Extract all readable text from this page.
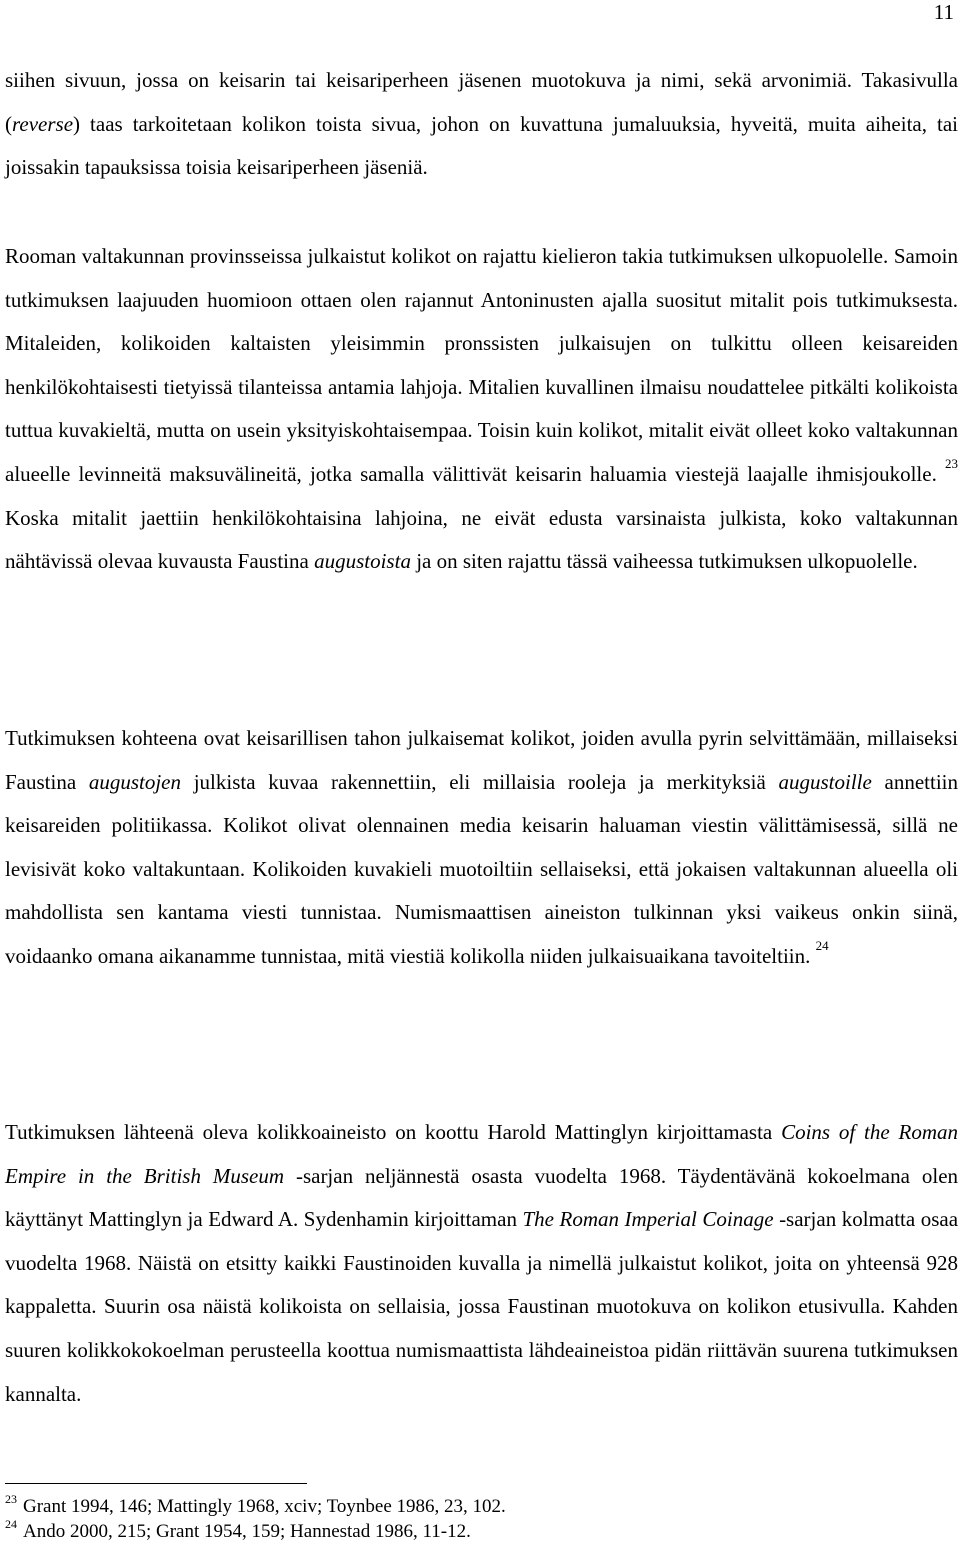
11

siihen sivuun, jossa on keisarin tai keisariperheen jäsenen muotokuva ja nimi, sekä arvonimiä. Takasivulla (reverse) taas tarkoitetaan kolikon toista sivua, johon on kuvattuna jumaluuksia, hyveitä, muita aiheita, tai joissakin tapauksissa toisia keisariperheen jäseniä.

Rooman valtakunnan provinsseissa julkaistut kolikot on rajattu kielieron takia tutkimuksen ulkopuolelle. Samoin tutkimuksen laajuuden huomioon ottaen olen rajannut Antoninusten ajalla suositut mitalit pois tutkimuksesta. Mitaleiden, kolikoiden kaltaisten yleisimmin pronssisten julkaisujen on tulkittu olleen keisareiden henkilökohtaisesti tietyissä tilanteissa antamia lahjoja. Mitalien kuvallinen ilmaisu noudattelee pitkälti kolikoista tuttua kuvakieltä, mutta on usein yksityiskohtaisempaa. Toisin kuin kolikot, mitalit eivät olleet koko valtakunnan alueelle levinneitä maksuvälineitä, jotka samalla välittivät keisarin haluamia viestejä laajalle ihmisjoukolle. $^{23}$ Koska mitalit jaettiin henkilökohtaisina lahjoina, ne eivät edusta varsinaista julkista, koko valtakunnan nähtävissä olevaa kuvausta Faustina augustoista ja on siten rajattu tässä vaiheessa tutkimuksen ulkopuolelle.

Tutkimuksen kohteena ovat keisarillisen tahon julkaisemat kolikot, joiden avulla pyrin selvittämään, millaiseksi Faustina augustojen julkista kuvaa rakennettiin, eli millaisia rooleja ja merkityksiä augustoille annettiin keisareiden politiikassa. Kolikot olivat olennainen media keisarin haluaman viestin välittämisessä, sillä ne levisivät koko valtakuntaan. Kolikoiden kuvakieli muotoiltiin sellaiseksi, että jokaisen valtakunnan alueella oli mahdollista sen kantama viesti tunnistaa. Numismaattisen aineiston tulkinnan yksi vaikeus onkin siinä, voidaanko omana aikanamme tunnistaa, mitä viestiä kolikolla niiden julkaisuaikana tavoiteltiin. $^{24}$

Tutkimuksen lähteenä oleva kolikkoaineisto on koottu Harold Mattinglyn kirjoittamasta Coins of the Roman Empire in the British Museum -sarjan neljännestä osasta vuodelta 1968. Täydentävänä kokoelmana olen käyttänyt Mattinglyn ja Edward A. Sydenhamin kirjoittaman The Roman Imperial Coinage -sarjan kolmatta osaa vuodelta 1968. Näistä on etsitty kaikki Faustinoiden kuvalla ja nimellä julkaistut kolikot, joita on yhteensä 928 kappaletta. Suurin osa näistä kolikoista on sellaisia, jossa Faustinan muotokuva on kolikon etusivulla. Kahden suuren kolikkokokoelman perusteella koottua numismaattista lähdeaineistoa pidän riittävän suurena tutkimuksen kannalta.

$^{23}$ Grant 1994, 146; Mattingly 1968, xciv; Toynbee 1986, 23, 102.

$^{24}$ Ando 2000, 215; Grant 1954, 159; Hannestad 1986, 11-12.
